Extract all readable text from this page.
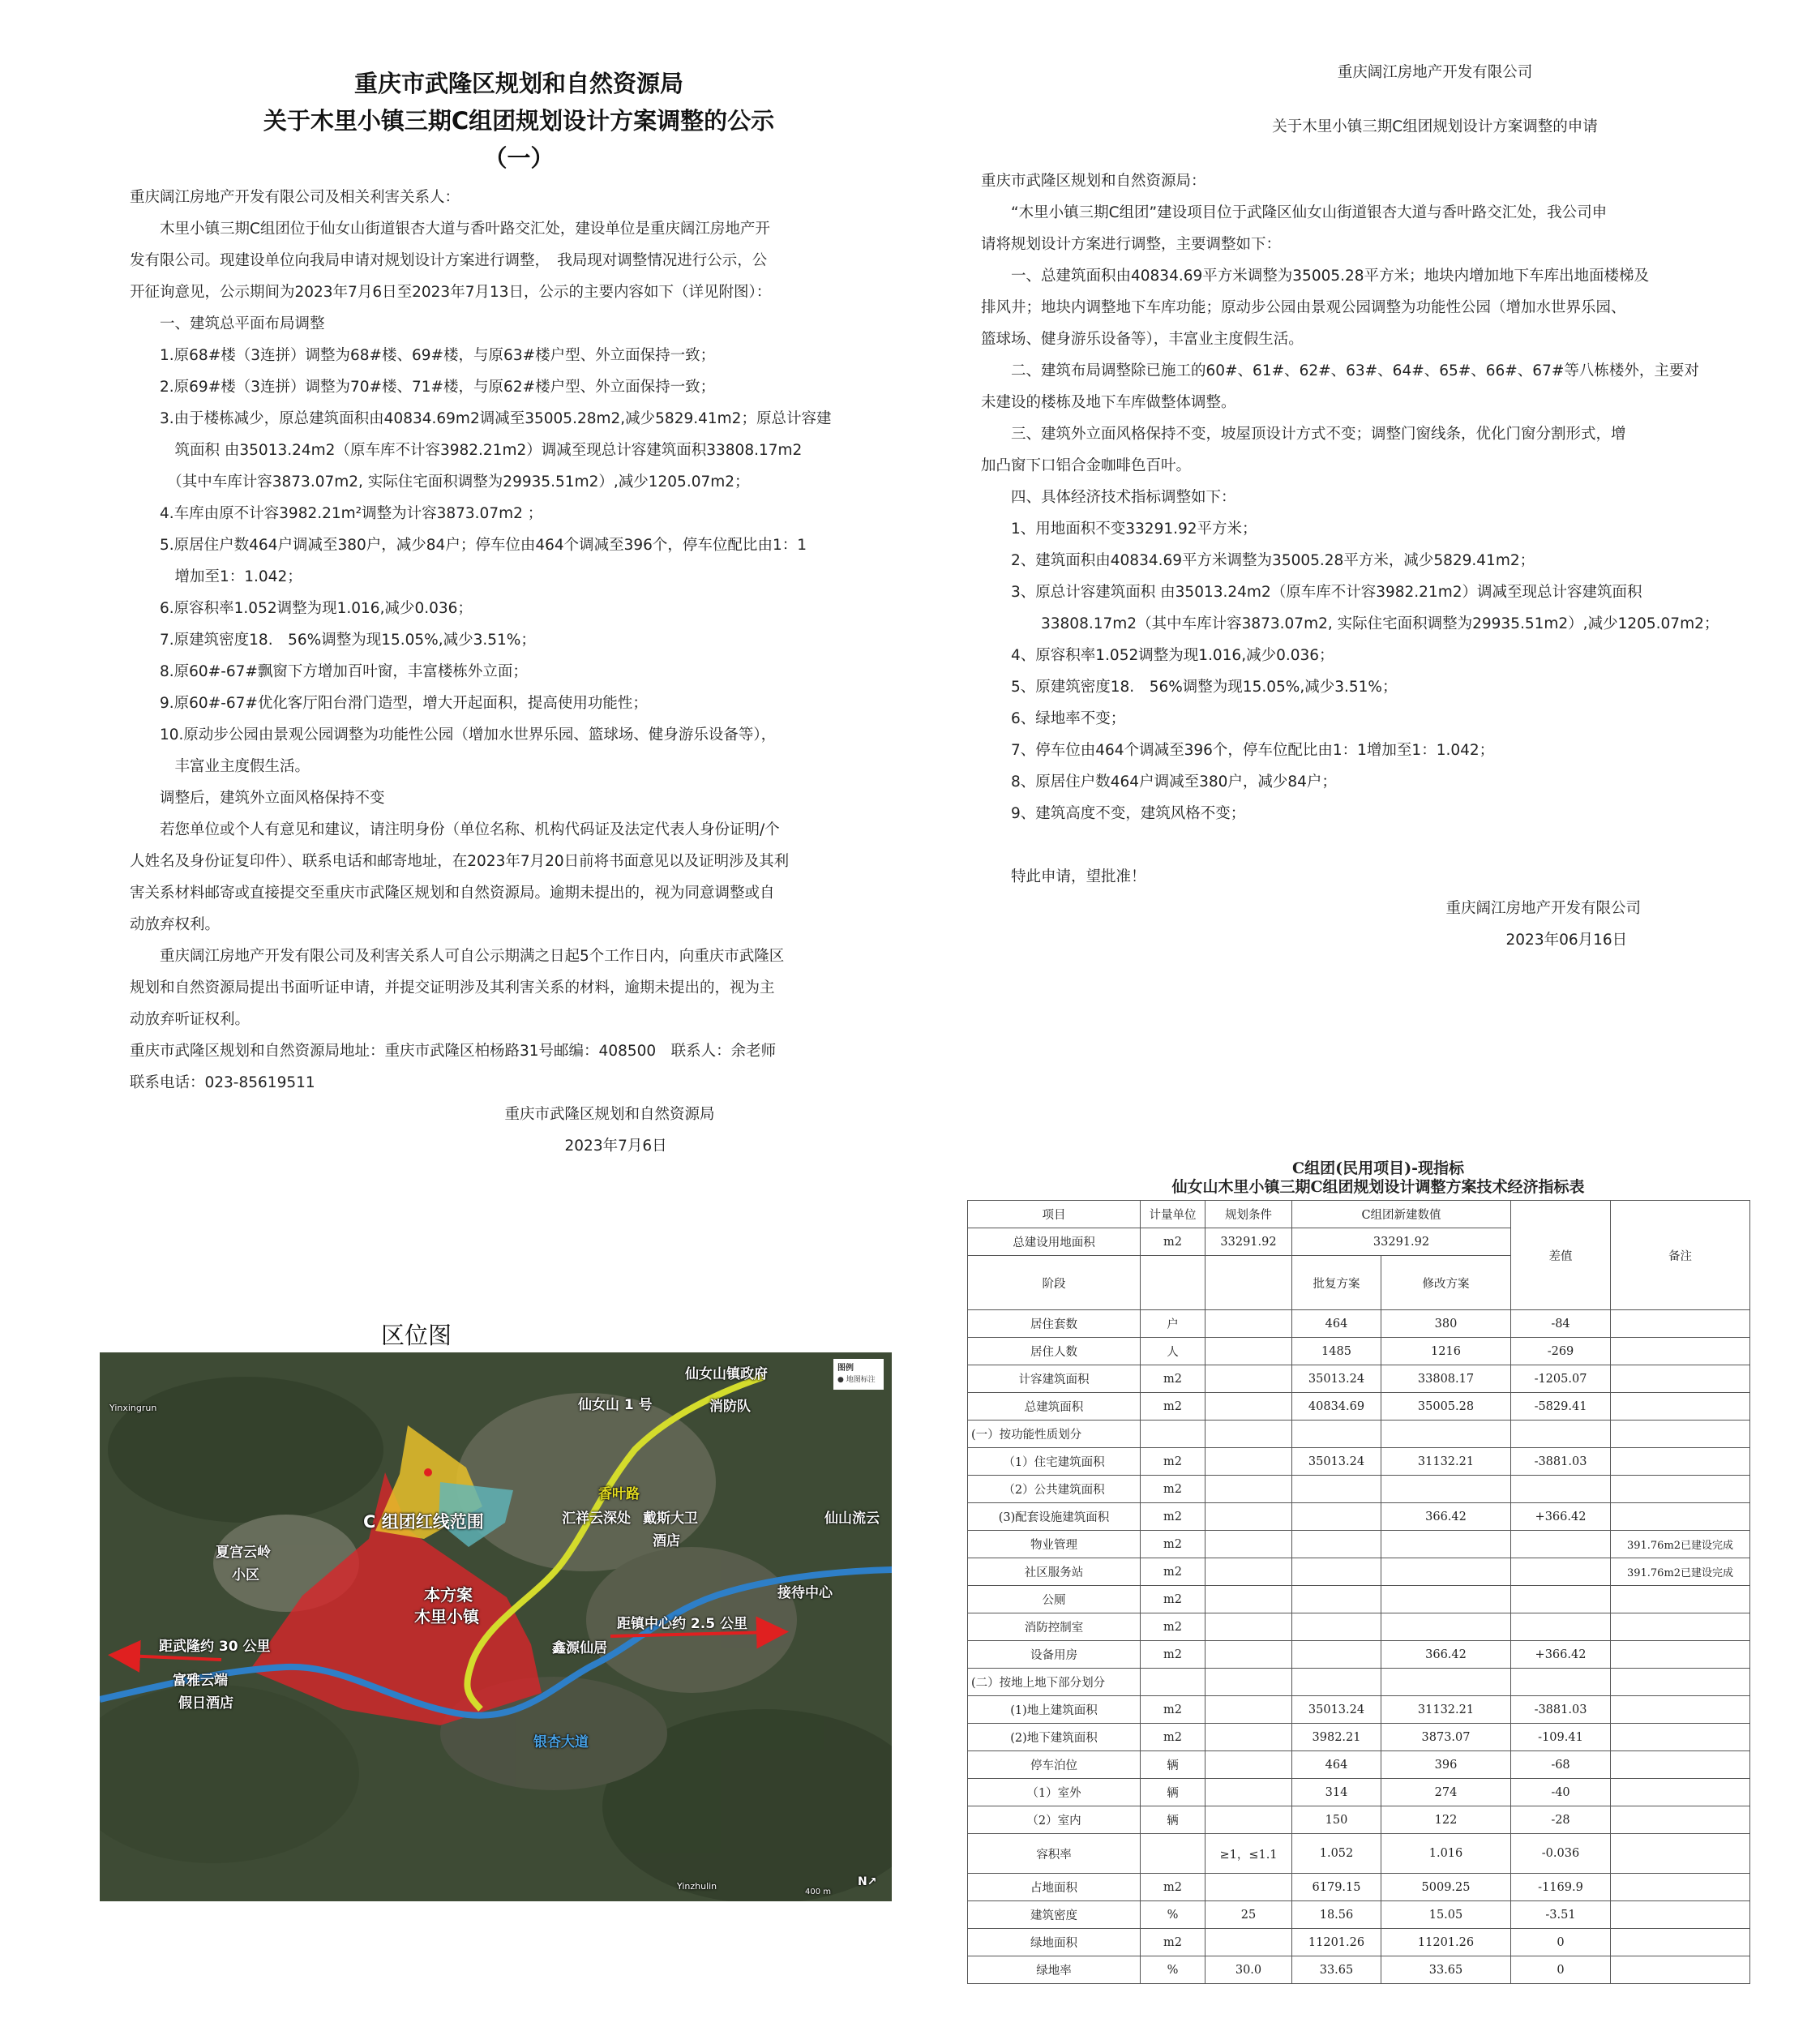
重庆市武隆区规划和自然资源局
关于木里小镇三期C组团规划设计方案调整的公示
（一）
重庆阔江房地产开发有限公司及相关利害关系人：
　　木里小镇三期C组团位于仙女山街道银杏大道与香叶路交汇处，建设单位是重庆阔江房地产开
发有限公司。现建设单位向我局申请对规划设计方案进行调整，　我局现对调整情况进行公示，公
开征询意见，公示期间为2023年7月6日至2023年7月13日，公示的主要内容如下（详见附图）：
　　一、建筑总平面布局调整
　　1.原68#楼（3连拼）调整为68#楼、69#楼，与原63#楼户型、外立面保持一致；
　　2.原69#楼（3连拼）调整为70#楼、71#楼，与原62#楼户型、外立面保持一致；
　　3.由于楼栋减少，原总建筑面积由40834.69m2调减至35005.28m2,减少5829.41m2；原总计容建
　　　筑面积 由35013.24m2（原车库不计容3982.21m2）调减至现总计容建筑面积33808.17m2
　　　（其中车库计容3873.07m2, 实际住宅面积调整为29935.51m2）,减少1205.07m2；
　　4.车库由原不计容3982.21m²调整为计容3873.07m2 ；
　　5.原居住户数464户调减至380户，减少84户；停车位由464个调减至396个，停车位配比由1：1
　　　增加至1：1.042；
　　6.原容积率1.052调整为现1.016,减少0.036；
　　7.原建筑密度18.　56%调整为现15.05%,减少3.51%；
　　8.原60#-67#飘窗下方增加百叶窗，丰富楼栋外立面；
　　9.原60#-67#优化客厅阳台滑门造型，增大开起面积，提高使用功能性；
　　10.原动步公园由景观公园调整为功能性公园（增加水世界乐园、篮球场、健身游乐设备等），
　　　丰富业主度假生活。
　　调整后，建筑外立面风格保持不变
　　若您单位或个人有意见和建议，请注明身份（单位名称、机构代码证及法定代表人身份证明/个
人姓名及身份证复印件）、联系电话和邮寄地址，在2023年7月20日前将书面意见以及证明涉及其利
害关系材料邮寄或直接提交至重庆市武隆区规划和自然资源局。逾期未提出的，视为同意调整或自
动放弃权利。
　　重庆阔江房地产开发有限公司及利害关系人可自公示期满之日起5个工作日内，向重庆市武隆区
规划和自然资源局提出书面听证申请，并提交证明涉及其利害关系的材料，逾期未提出的，视为主
动放弃听证权利。
重庆市武隆区规划和自然资源局地址：重庆市武隆区柏杨路31号邮编：408500　联系人：余老师
联系电话：023-85619511
　　　　　　　　　　　　　　　　　　　　　　　　　重庆市武隆区规划和自然资源局
　　　　　　　　　　　　　　　　　　　　　　　　　　　　　2023年7月6日
重庆阔江房地产开发有限公司
关于木里小镇三期C组团规划设计方案调整的申请
重庆市武隆区规划和自然资源局：
　　“木里小镇三期C组团”建设项目位于武隆区仙女山街道银杏大道与香叶路交汇处，我公司申
请将规划设计方案进行调整，主要调整如下：
　　一、总建筑面积由40834.69平方米调整为35005.28平方米；地块内增加地下车库出地面楼梯及
排风井；地块内调整地下车库功能；原动步公园由景观公园调整为功能性公园（增加水世界乐园、
篮球场、健身游乐设备等），丰富业主度假生活。
　　二、建筑布局调整除已施工的60#、61#、62#、63#、64#、65#、66#、67#等八栋楼外，主要对
未建设的楼栋及地下车库做整体调整。
　　三、建筑外立面风格保持不变，坡屋顶设计方式不变；调整门窗线条，优化门窗分割形式，增
加凸窗下口铝合金咖啡色百叶。
　　四、具体经济技术指标调整如下：
　　1、用地面积不变33291.92平方米；
　　2、建筑面积由40834.69平方米调整为35005.28平方米，减少5829.41m2；
　　3、原总计容建筑面积 由35013.24m2（原车库不计容3982.21m2）调减至现总计容建筑面积
　　　　33808.17m2（其中车库计容3873.07m2, 实际住宅面积调整为29935.51m2）,减少1205.07m2；
　　4、原容积率1.052调整为现1.016,减少0.036；
　　5、原建筑密度18.　56%调整为现15.05%,减少3.51%；
　　6、绿地率不变；
　　7、停车位由464个调减至396个，停车位配比由1：1增加至1：1.042；
　　8、原居住户数464户调减至380户，减少84户；
　　9、建筑高度不变，建筑风格不变；
　　特此申请，望批准！
　　　　　　　　　　　　　　　　　　　　　　　　　　　　　　　重庆阔江房地产开发有限公司
　　　　　　　　　　　　　　　　　　　　　　　　　　　　　　　　　　　2023年06月16日
区位图
仙女山镇政府
仙女山 1 号	消防队
香叶路
C 组团红线范围	汇祥云深处 戴斯大卫
酒店
仙山流云
夏宫云岭
小区
本方案
木里小镇
接待中心
鑫源仙居
距镇中心约 2.5 公里
距武隆约 30 公里
富雅云端
假日酒店
银杏大道
图例
● 地图标注
Yinxingrun
400 m
Yinzhulin	N↗
C组团(民用项目)-现指标
仙女山木里小镇三期C组团规划设计调整方案技术经济指标表
项目	计量单位	规划条件	C组团新建数值		差值	备注
总建设用地面积	m2	33291.92	33291.92			
阶段			批复方案	修改方案		
居住套数	户		464	380	-84	
居住人数	人		1485	1216	-269	
计容建筑面积	m2		35013.24	33808.17	-1205.07	
总建筑面积	m2		40834.69	35005.28	-5829.41	
(一）按功能性质划分						
（1）住宅建筑面积	m2		35013.24	31132.21	-3881.03	
（2）公共建筑面积	m2					
(3)配套设施建筑面积	m2			366.42	+366.42	
物业管理	m2					391.76m2已建设完成
社区服务站	m2					391.76m2已建设完成
公厕	m2					
消防控制室	m2					
设备用房	m2			366.42	+366.42	
(二）按地上地下部分划分						
(1)地上建筑面积	m2		35013.24	31132.21	-3881.03	
(2)地下建筑面积	m2		3982.21	3873.07	-109.41	
停车泊位	辆		464	396	-68	
（1）室外	辆		314	274	-40	
（2）室内	辆		150	122	-28	
容积率		≥1，≤1.1	1.052	1.016	-0.036	
占地面积	m2		6179.15	5009.25	-1169.9	
建筑密度	%	25	18.56	15.05	-3.51	
绿地面积	m2		11201.26	11201.26	0	
绿地率	%	30.0	33.65	33.65	0	
